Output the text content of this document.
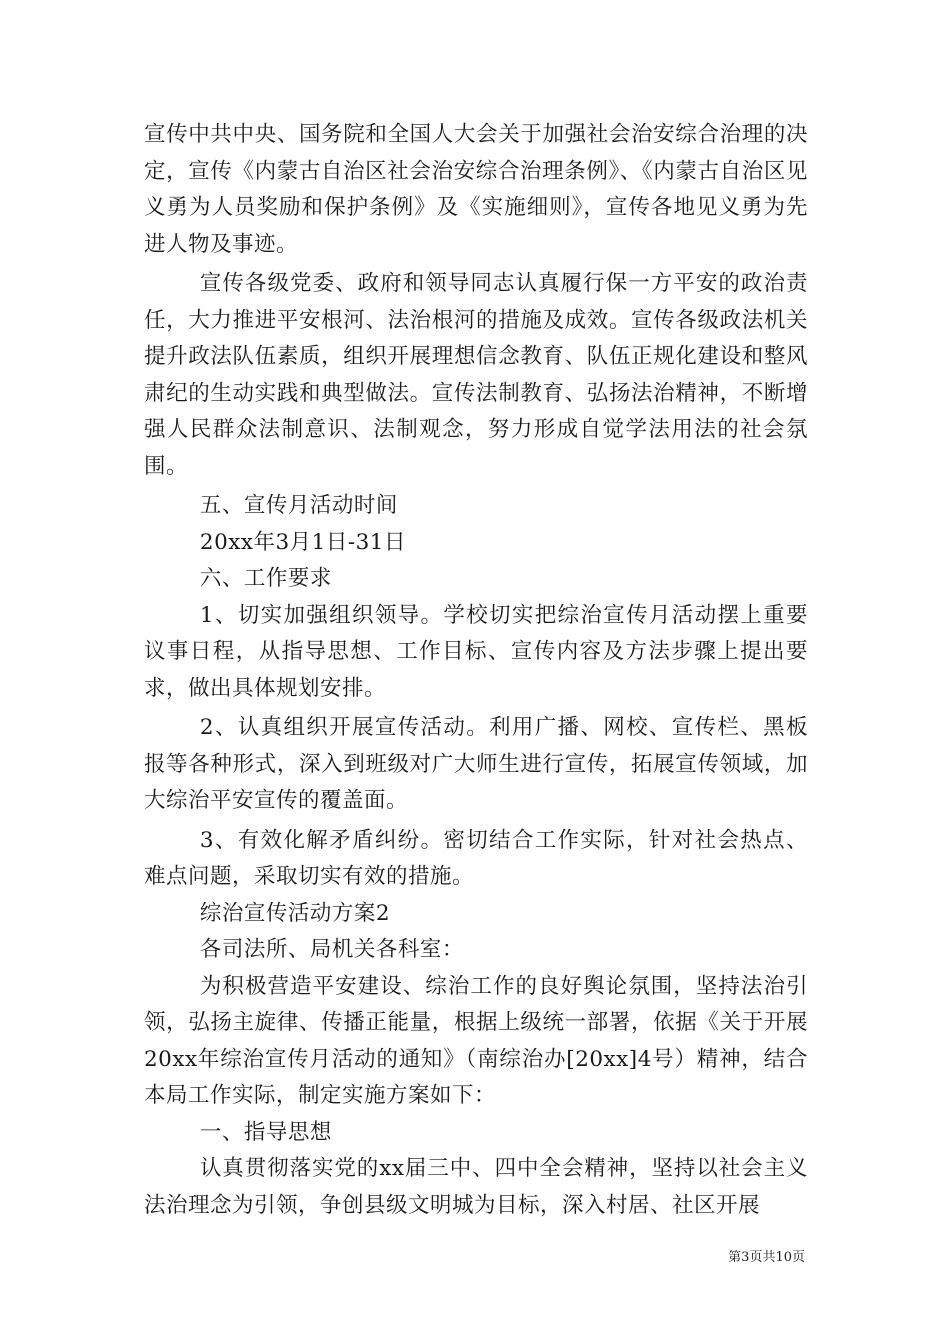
宣传中共中央、国务院和全国人大会关于加强社会治安综合治理的决定，宣传《内蒙古自治区社会治安综合治理条例》、《内蒙古自治区见义勇为人员奖励和保护条例》及《实施细则》，宣传各地见义勇为先进人物及事迹。

宣传各级党委、政府和领导同志认真履行保一方平安的政治责任，大力推进平安根河、法治根河的措施及成效。宣传各级政法机关提升政法队伍素质，组织开展理想信念教育、队伍正规化建设和整风肃纪的生动实践和典型做法。宣传法制教育、弘扬法治精神，不断增强人民群众法制意识、法制观念，努力形成自觉学法用法的社会氛围。

五、宣传月活动时间

20xx年3月1日-31日

六、工作要求

1、切实加强组织领导。学校切实把综治宣传月活动摆上重要议事日程，从指导思想、工作目标、宣传内容及方法步骤上提出要求，做出具体规划安排。

2、认真组织开展宣传活动。利用广播、网校、宣传栏、黑板报等各种形式，深入到班级对广大师生进行宣传，拓展宣传领域，加大综治平安宣传的覆盖面。

3、有效化解矛盾纠纷。密切结合工作实际，针对社会热点、难点问题，采取切实有效的措施。

综治宣传活动方案2

各司法所、局机关各科室：

为积极营造平安建设、综治工作的良好舆论氛围，坚持法治引领，弘扬主旋律、传播正能量，根据上级统一部署，依据《关于开展20xx年综治宣传月活动的通知》（南综治办[20xx]4号）精神，结合本局工作实际，制定实施方案如下：

一、指导思想

认真贯彻落实党的xx届三中、四中全会精神，坚持以社会主义法治理念为引领，争创县级文明城为目标，深入村居、社区开展

第3页共10页
